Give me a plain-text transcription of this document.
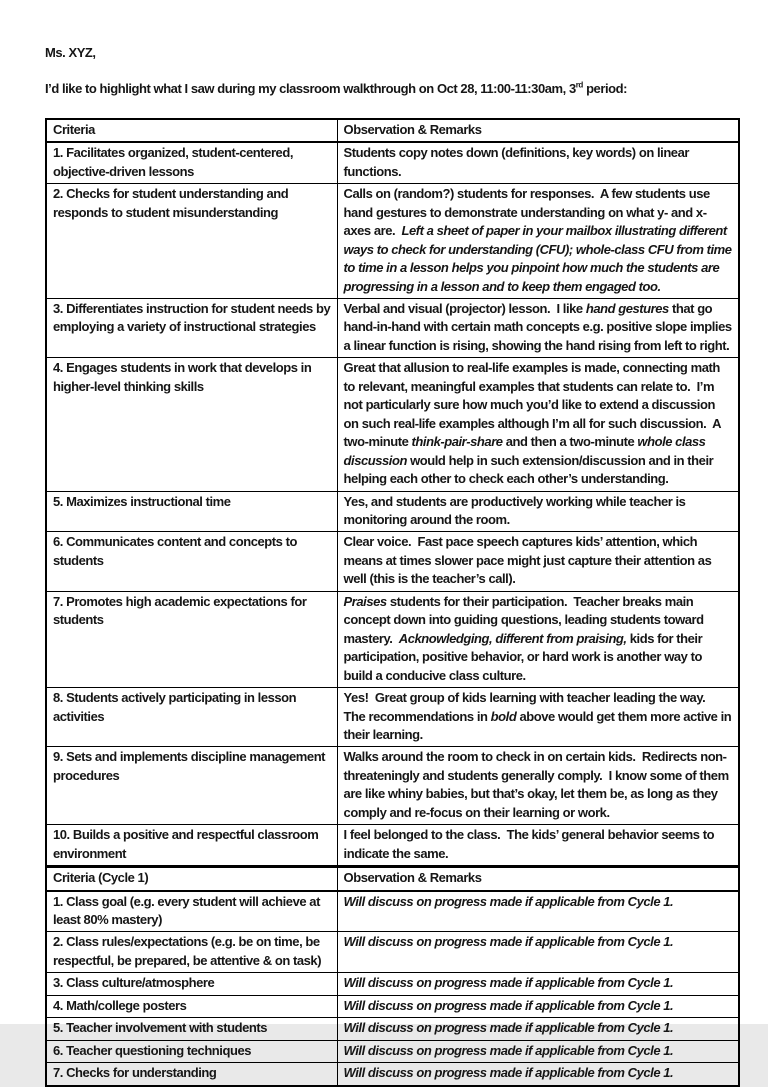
Ms. XYZ,

I’d like to highlight what I saw during my classroom walkthrough on Oct 28, 11:00-11:30am, 3rd period:

Criteria	Observation & Remarks
1. Facilitates organized, student-centered, objective-driven lessons	Students copy notes down (definitions, key words) on linear functions.
2. Checks for student understanding and responds to student misunderstanding	Calls on (random?) students for responses.  A few students use hand gestures to demonstrate understanding on what y- and x-axes are.  Left a sheet of paper in your mailbox illustrating different ways to check for understanding (CFU); whole-class CFU from time to time in a lesson helps you pinpoint how much the students are progressing in a lesson and to keep them engaged too.
3. Differentiates instruction for student needs by employing a variety of instructional strategies	Verbal and visual (projector) lesson.  I like hand gestures that go hand-in-hand with certain math concepts e.g. positive slope implies a linear function is rising, showing the hand rising from left to right.
4. Engages students in work that develops in higher-level thinking skills	Great that allusion to real-life examples is made, connecting math to relevant, meaningful examples that students can relate to.  I’m not particularly sure how much you’d like to extend a discussion on such real-life examples although I’m all for such discussion.  A two-minute think-pair-share and then a two-minute whole class discussion would help in such extension/discussion and in their helping each other to check each other’s understanding.
5. Maximizes instructional time	Yes, and students are productively working while teacher is monitoring around the room.
6. Communicates content and concepts to students	Clear voice.  Fast pace speech captures kids’ attention, which means at times slower pace might just capture their attention as well (this is the teacher’s call).
7. Promotes high academic expectations for students	Praises students for their participation.  Teacher breaks main concept down into guiding questions, leading students toward mastery.  Acknowledging, different from praising, kids for their participation, positive behavior, or hard work is another way to build a conducive class culture.
8. Students actively participating in lesson activities	Yes!  Great group of kids learning with teacher leading the way.  The recommendations in bold above would get them more active in their learning.
9. Sets and implements discipline management procedures	Walks around the room to check in on certain kids.  Redirects non-threateningly and students generally comply.  I know some of them are like whiny babies, but that’s okay, let them be, as long as they comply and re-focus on their learning or work.
10. Builds a positive and respectful classroom environment	I feel belonged to the class.  The kids’ general behavior seems to indicate the same.
Criteria (Cycle 1)	Observation & Remarks
1. Class goal (e.g. every student will achieve at least 80% mastery)	Will discuss on progress made if applicable from Cycle 1.
2. Class rules/expectations (e.g. be on time, be respectful, be prepared, be attentive & on task)	Will discuss on progress made if applicable from Cycle 1.
3. Class culture/atmosphere	Will discuss on progress made if applicable from Cycle 1.
4. Math/college posters	Will discuss on progress made if applicable from Cycle 1.
5. Teacher involvement with students	Will discuss on progress made if applicable from Cycle 1.
6. Teacher questioning techniques	Will discuss on progress made if applicable from Cycle 1.
7. Checks for understanding	Will discuss on progress made if applicable from Cycle 1.
